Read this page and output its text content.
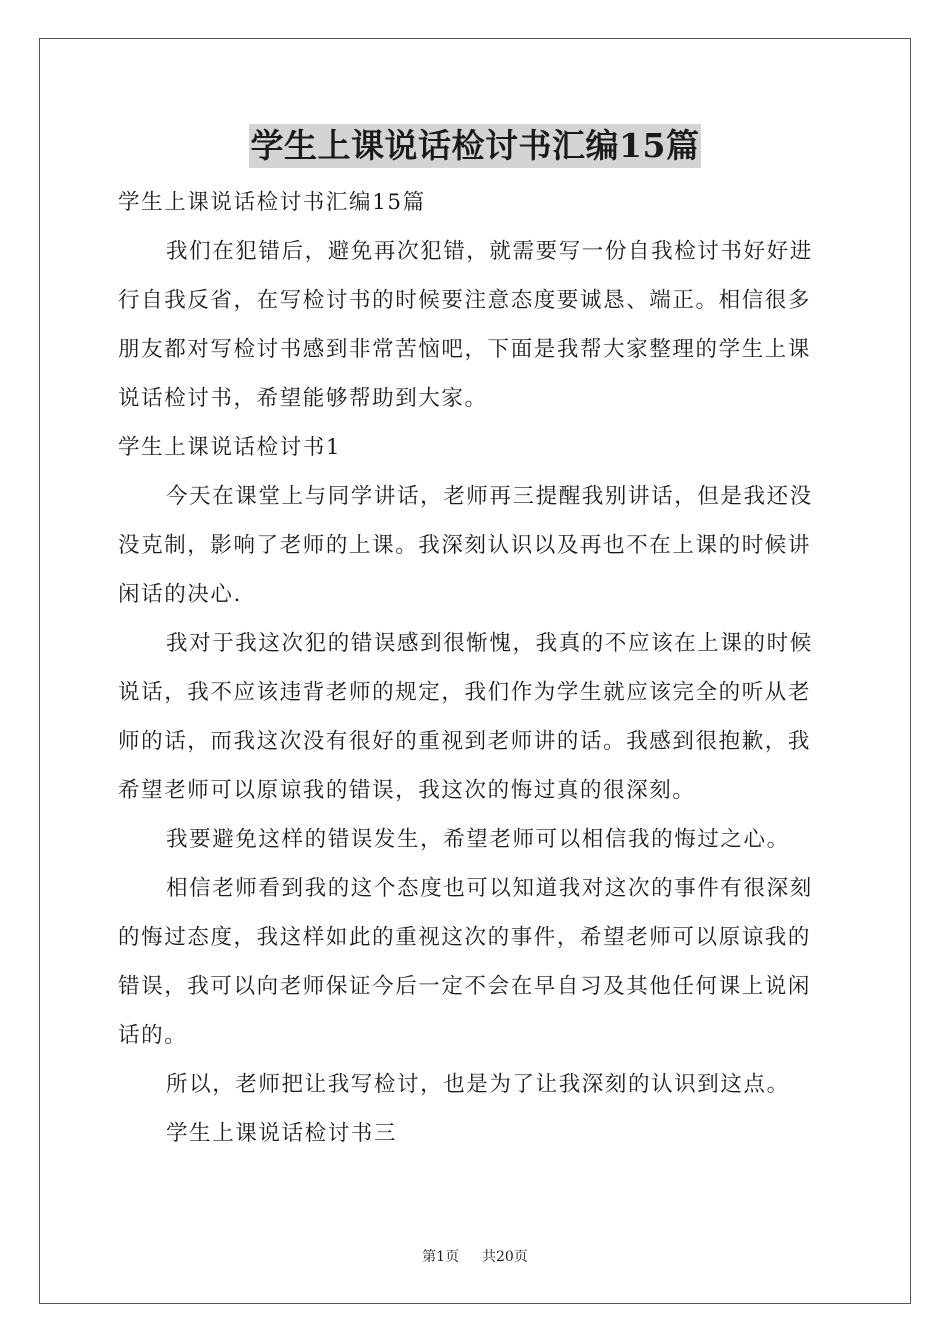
学生上课说话检讨书汇编15篇
学生上课说话检讨书汇编15篇
我们在犯错后，避免再次犯错，就需要写一份自我检讨书好好进
行自我反省，在写检讨书的时候要注意态度要诚恳、端正。相信很多
朋友都对写检讨书感到非常苦恼吧，下面是我帮大家整理的学生上课
说话检讨书，希望能够帮助到大家。
学生上课说话检讨书1
今天在课堂上与同学讲话，老师再三提醒我别讲话，但是我还没
没克制，影响了老师的上课。我深刻认识以及再也不在上课的时候讲
闲话的决心.
我对于我这次犯的错误感到很惭愧，我真的不应该在上课的时候
说话，我不应该违背老师的规定，我们作为学生就应该完全的听从老
师的话，而我这次没有很好的重视到老师讲的话。我感到很抱歉，我
希望老师可以原谅我的错误，我这次的悔过真的很深刻。
我要避免这样的错误发生，希望老师可以相信我的悔过之心。
相信老师看到我的这个态度也可以知道我对这次的事件有很深刻
的悔过态度，我这样如此的重视这次的事件，希望老师可以原谅我的
错误，我可以向老师保证今后一定不会在早自习及其他任何课上说闲
话的。
所以，老师把让我写检讨，也是为了让我深刻的认识到这点。
学生上课说话检讨书三
第1页 共20页
